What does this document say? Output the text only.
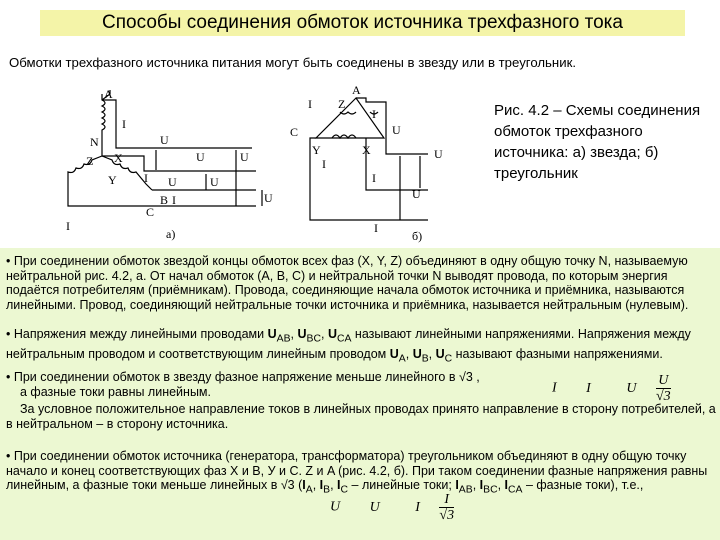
Способы соединения обмоток источника трехфазного тока
Обмотки трехфазного источника питания могут быть соединены в звезду или в треугольник.
A
I
U
U	U
N
X
Z
Y I U	U
B I	U
C
I
а)
I Z
A
I
U
C
Y	X
I
I
U
U
I
б)
Рис. 4.2 – Схемы соединения обмоток трехфазного источника: а) звезда; б) треугольник
• При соединении обмоток звездой концы обмоток всех фаз (X, Y, Z) объединяют в одну общую точку N, называемую нейтральной рис. 4.2, а. От начал обмоток (A, B, C) и нейтральной точки N выводят провода, по которым энергия подаётся потребителям (приёмникам). Провода, соединяющие начала обмоток источника и приёмника, называются линейными. Провод, соединяющий нейтральные точки источника и приёмника, называется нейтральным (нулевым).
• Напряжения между линейными проводами $U_{AB}$, $U_{BC}$, $U_{CA}$ называют линейными напряжениями. Напряжения между нейтральным проводом и соответствующим линейным проводом $U_A$, $U_B$, $U_C$ называют фазными напряжениями.
• При соединении обмоток в звезду фазное напряжение меньше линейного в √3 ,
а фазные токи равны линейным.
За условное положительное направление токов в линейных проводах принято направление в сторону потребителей, а в нейтральном – в сторону источника.
I I	U $\frac{U}{√3}$
• При соединении обмоток источника (генератора, трансформатора) треугольником объединяют в одну общую точку начало и конец соответствующих фаз X и B, У и C. Z и A (рис. 4.2, б). При таком соединении фазные напряжения равны линейным, а фазные токи меньше линейных в √3 ($I_A$, $I_B$, $I_C$ – линейные токи; $I_{AB}$, $I_{BC}$, $I_{CA}$ – фазные токи), т.е.,
U U	I $\frac{I}{√3}$
